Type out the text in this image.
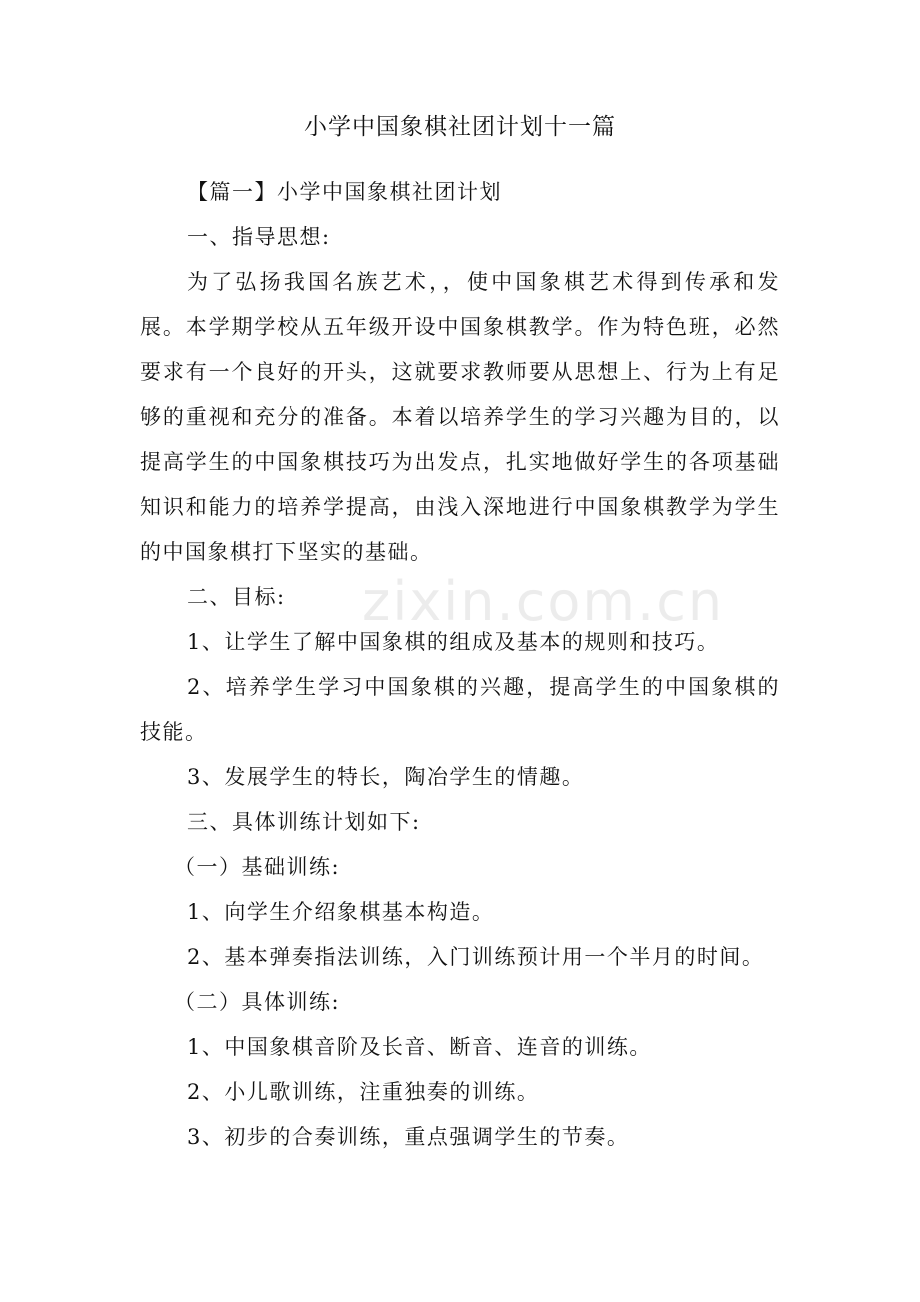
小学中国象棋社团计划十一篇
zixin.com.cn

【篇一】小学中国象棋社团计划

一、指导思想:

为了弘扬我国名族艺术，，使中国象棋艺术得到传承和发展。本学期学校从五年级开设中国象棋教学。作为特色班，必然要求有一个良好的开头，这就要求教师要从思想上、行为上有足够的重视和充分的准备。本着以培养学生的学习兴趣为目的，以提高学生的中国象棋技巧为出发点，扎实地做好学生的各项基础知识和能力的培养学提高，由浅入深地进行中国象棋教学为学生的中国象棋打下坚实的基础。

二、目标:

1、让学生了解中国象棋的组成及基本的规则和技巧。

2、培养学生学习中国象棋的兴趣，提高学生的中国象棋的技能。

3、发展学生的特长，陶冶学生的情趣。

三、具体训练计划如下:

（一）基础训练:

1、向学生介绍象棋基本构造。

2、基本弹奏指法训练，入门训练预计用一个半月的时间。

（二）具体训练:

1、中国象棋音阶及长音、断音、连音的训练。

2、小儿歌训练，注重独奏的训练。

3、初步的合奏训练，重点强调学生的节奏。
